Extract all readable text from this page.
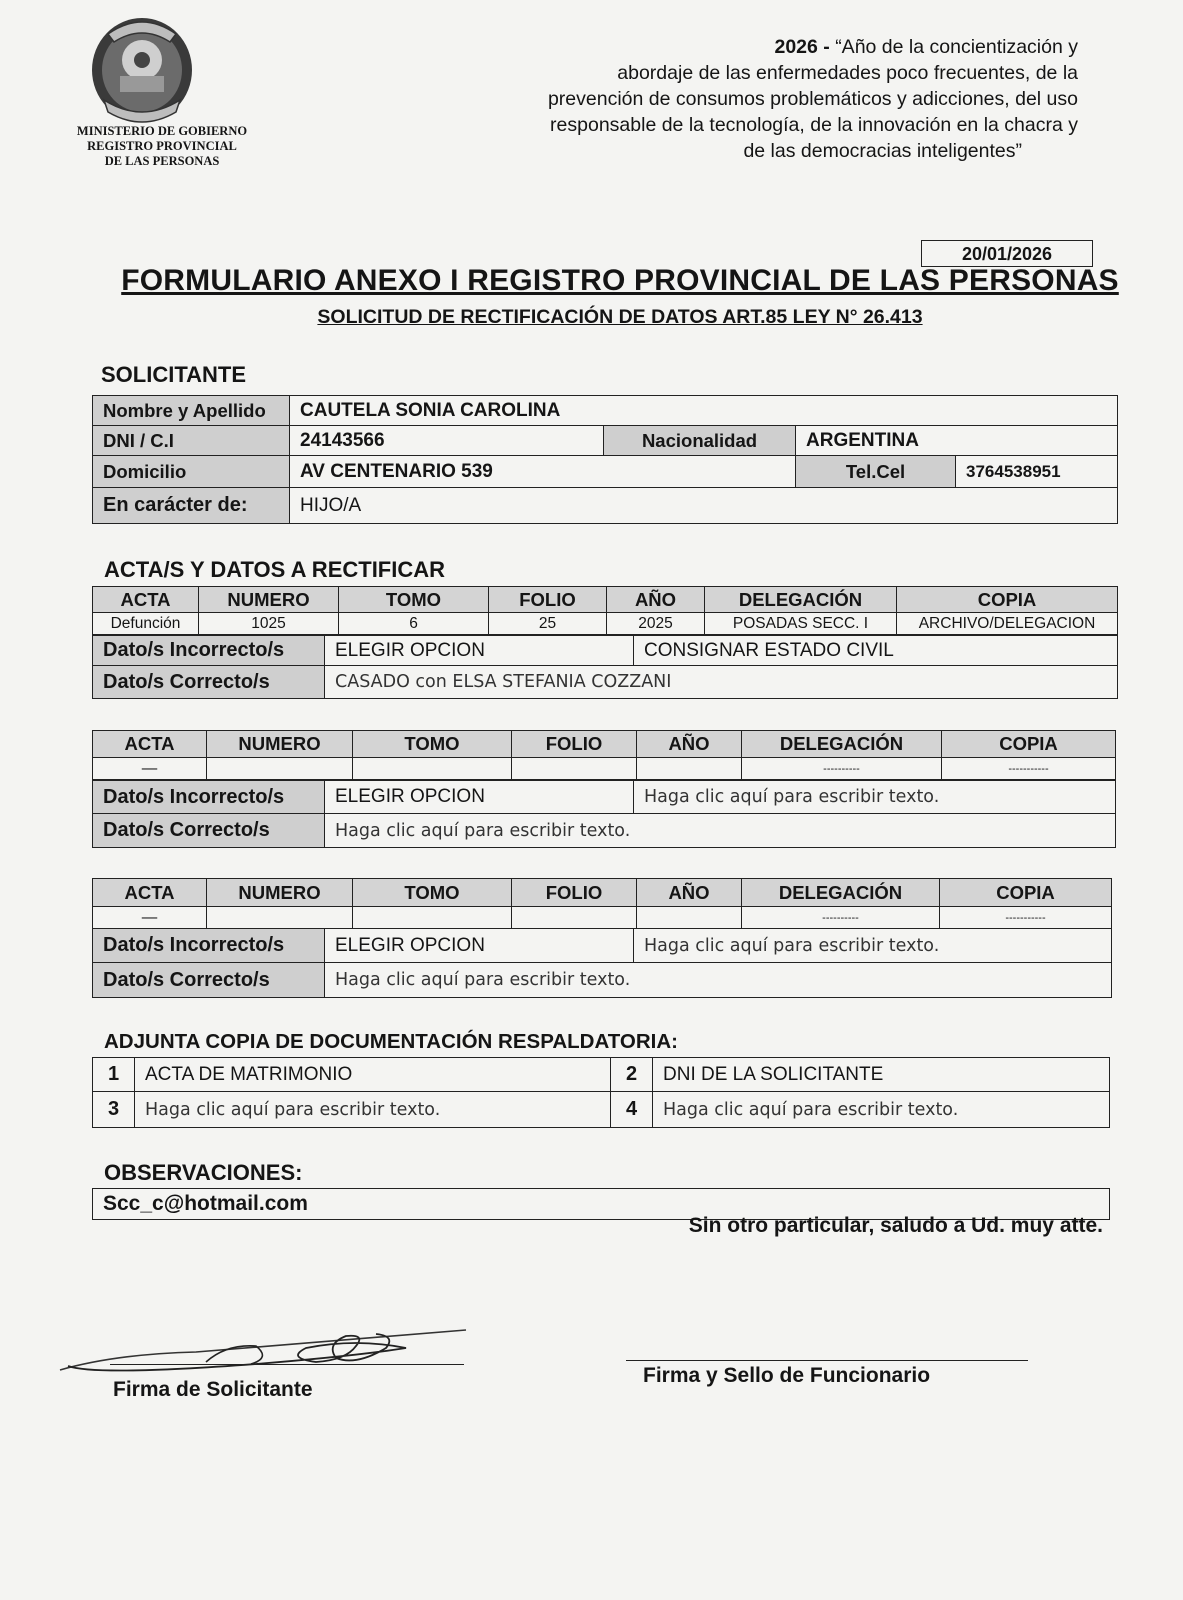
MINISTERIO DE GOBIERNO
REGISTRO PROVINCIAL
DE LAS PERSONAS
2026 - “Año de la concientización y
abordaje de las enfermedades poco frecuentes, de la
prevención de consumos problemáticos y adicciones, del uso
responsable de la tecnología, de la innovación en la chacra y
de las democracias inteligentes”
20/01/2026
FORMULARIO ANEXO I REGISTRO PROVINCIAL DE LAS PERSONAS
SOLICITUD DE RECTIFICACIÓN DE DATOS ART.85 LEY N° 26.413
SOLICITANTE
Nombre y Apellido	CAUTELA SONIA CAROLINA			
DNI / C.I	24143566	Nacionalidad	ARGENTINA	
Domicilio	AV CENTENARIO 539		Tel.Cel	3764538951
En carácter de:	HIJO/A			
ACTA/S Y DATOS A RECTIFICAR
ACTA	NUMERO	TOMO	FOLIO	AÑO	DELEGACIÓN	COPIA
Defunción	1025	6	25	2025	POSADAS SECC. I	ARCHIVO/DELEGACION
Dato/s Incorrecto/s	ELEGIR OPCION	CONSIGNAR ESTADO CIVIL
Dato/s Correcto/s	CASADO con ELSA STEFANIA COZZANI	
ACTA	NUMERO	TOMO	FOLIO	AÑO	DELEGACIÓN	COPIA
—					----------	-----------
Dato/s Incorrecto/s	ELEGIR OPCION	Haga clic aquí para escribir texto.
Dato/s Correcto/s	Haga clic aquí para escribir texto.	
ACTA	NUMERO	TOMO	FOLIO	AÑO	DELEGACIÓN	COPIA
—					----------	-----------
Dato/s Incorrecto/s	ELEGIR OPCION	Haga clic aquí para escribir texto.
Dato/s Correcto/s	Haga clic aquí para escribir texto.	
ADJUNTA COPIA DE DOCUMENTACIÓN RESPALDATORIA:
1	ACTA DE MATRIMONIO	2	DNI DE LA SOLICITANTE
3	Haga clic aquí para escribir texto.	4	Haga clic aquí para escribir texto.
OBSERVACIONES:
Scc_c@hotmail.com
Sin otro particular, saludo a Ud. muy atte.
Firma de Solicitante
Firma y Sello de Funcionario
